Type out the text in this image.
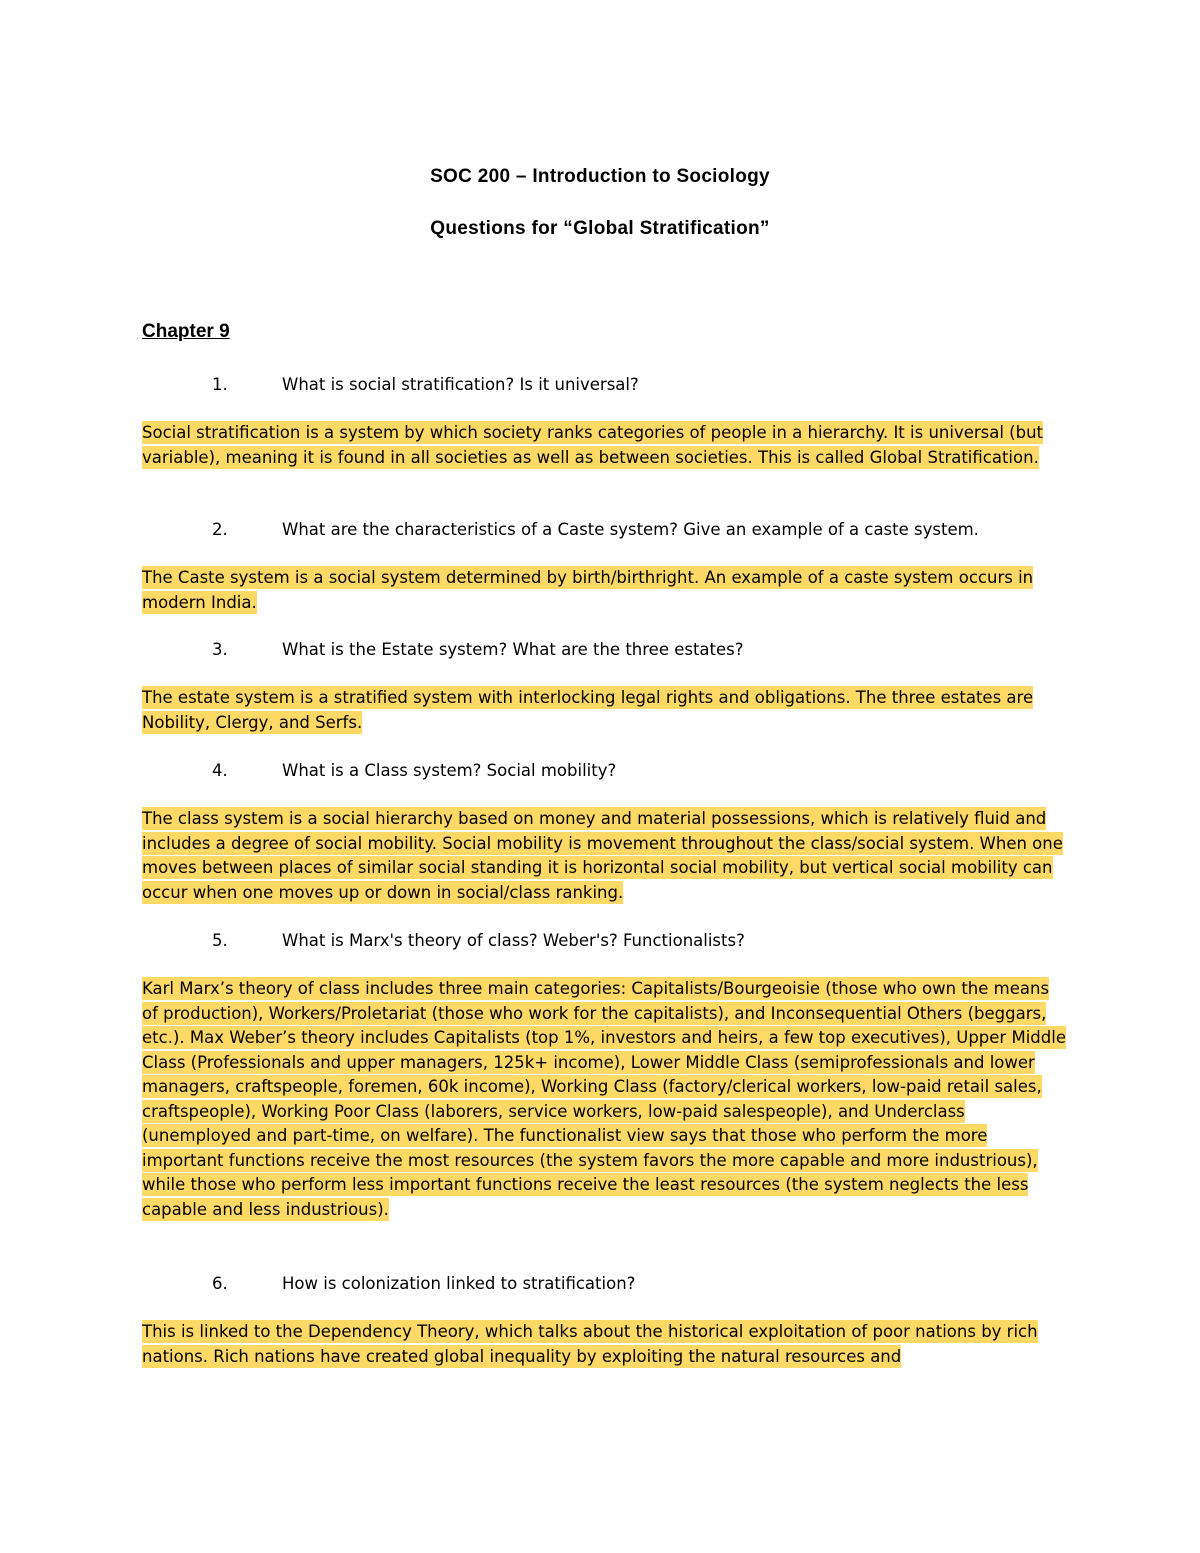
SOC 200 – Introduction to Sociology

Questions for “Global Stratification”

Chapter 9

1.	What is social stratification? Is it universal?

Social stratification is a system by which society ranks categories of people in a hierarchy. It is universal (but variable), meaning it is found in all societies as well as between societies. This is called Global Stratification.

2.	What are the characteristics of a Caste system? Give an example of a caste system.

The Caste system is a social system determined by birth/birthright. An example of a caste system occurs in modern India.

3.	What is the Estate system? What are the three estates?

The estate system is a stratified system with interlocking legal rights and obligations. The three estates are Nobility, Clergy, and Serfs.

4.	What is a Class system? Social mobility?

The class system is a social hierarchy based on money and material possessions, which is relatively fluid and includes a degree of social mobility. Social mobility is movement throughout the class/social system. When one moves between places of similar social standing it is horizontal social mobility, but vertical social mobility can occur when one moves up or down in social/class ranking.

5.	What is Marx's theory of class? Weber's? Functionalists?

Karl Marx’s theory of class includes three main categories: Capitalists/Bourgeoisie (those who own the means of production), Workers/Proletariat (those who work for the capitalists), and Inconsequential Others (beggars, etc.). Max Weber’s theory includes Capitalists (top 1%, investors and heirs, a few top executives), Upper Middle Class (Professionals and upper managers, 125k+ income), Lower Middle Class (semiprofessionals and lower managers, craftspeople, foremen, 60k income), Working Class (factory/clerical workers, low-paid retail sales, craftspeople), Working Poor Class (laborers, service workers, low-paid salespeople), and Underclass (unemployed and part-time, on welfare). The functionalist view says that those who perform the more important functions receive the most resources (the system favors the more capable and more industrious), while those who perform less important functions receive the least resources (the system neglects the less capable and less industrious).

6.	How is colonization linked to stratification?

This is linked to the Dependency Theory, which talks about the historical exploitation of poor nations by rich nations. Rich nations have created global inequality by exploiting the natural resources and
